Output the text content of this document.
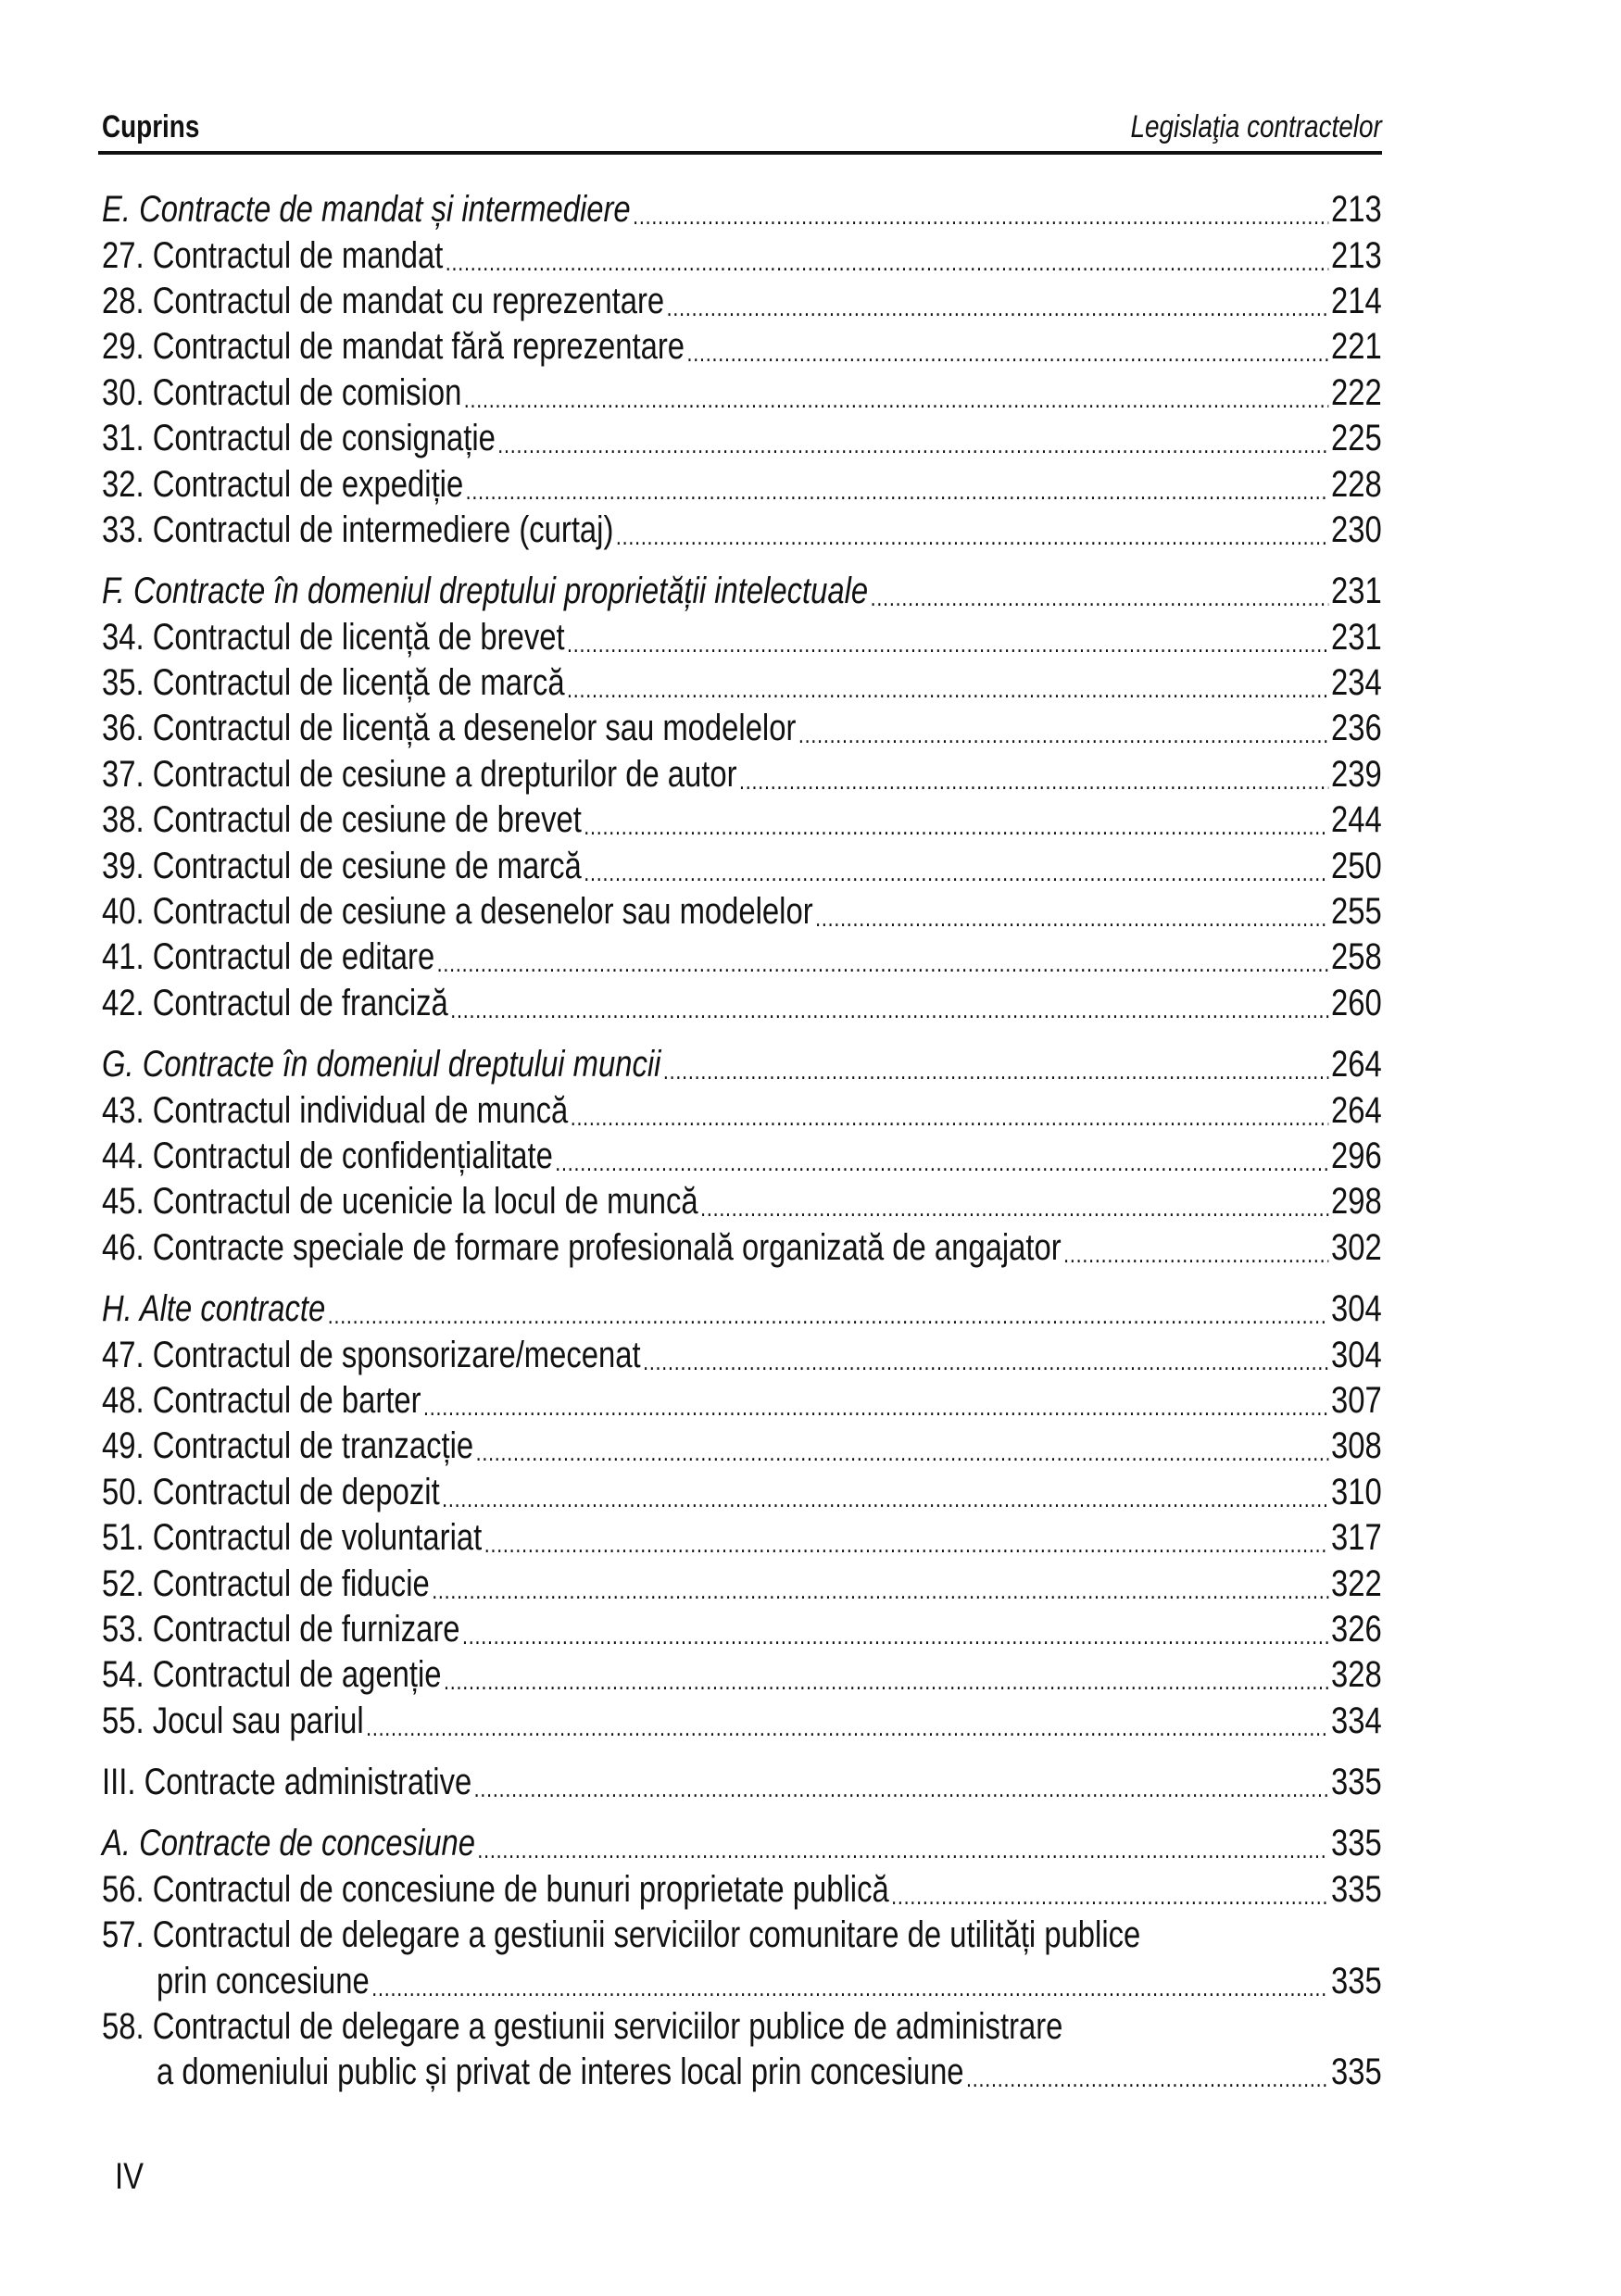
Cuprins	Legislaţia contractelor
E. Contracte de mandat și intermediere .....	213
27. Contractul de mandat .....	213
28. Contractul de mandat cu reprezentare .....	214
29. Contractul de mandat fără reprezentare .....	221
30. Contractul de comision .....	222
31. Contractul de consignație .....	225
32. Contractul de expediție .....	228
33. Contractul de intermediere (curtaj) .....	230
F. Contracte în domeniul dreptului proprietății intelectuale .....	231
34. Contractul de licență de brevet .....	231
35. Contractul de licență de marcă .....	234
36. Contractul de licență a desenelor sau modelelor .....	236
37. Contractul de cesiune a drepturilor de autor .....	239
38. Contractul de cesiune de brevet .....	244
39. Contractul de cesiune de marcă .....	250
40. Contractul de cesiune a desenelor sau modelelor .....	255
41. Contractul de editare .....	258
42. Contractul de franciză .....	260
G. Contracte în domeniul dreptului muncii .....	264
43. Contractul individual de muncă .....	264
44. Contractul de confidențialitate .....	296
45. Contractul de ucenicie la locul de muncă .....	298
46. Contracte speciale de formare profesională organizată de angajator .....	302
H. Alte contracte .....	304
47. Contractul de sponsorizare/mecenat .....	304
48. Contractul de barter .....	307
49. Contractul de tranzacție .....	308
50. Contractul de depozit .....	310
51. Contractul de voluntariat .....	317
52. Contractul de fiducie .....	322
53. Contractul de furnizare .....	326
54. Contractul de agenție .....	328
55. Jocul sau pariul .....	334
III. Contracte administrative .....	335
A. Contracte de concesiune .....	335
56. Contractul de concesiune de bunuri proprietate publică .....	335
57. Contractul de delegare a gestiunii serviciilor comunitare de utilități publice
prin concesiune .....	335
58. Contractul de delegare a gestiunii serviciilor publice de administrare
a domeniului public și privat de interes local prin concesiune .....	335
IV
